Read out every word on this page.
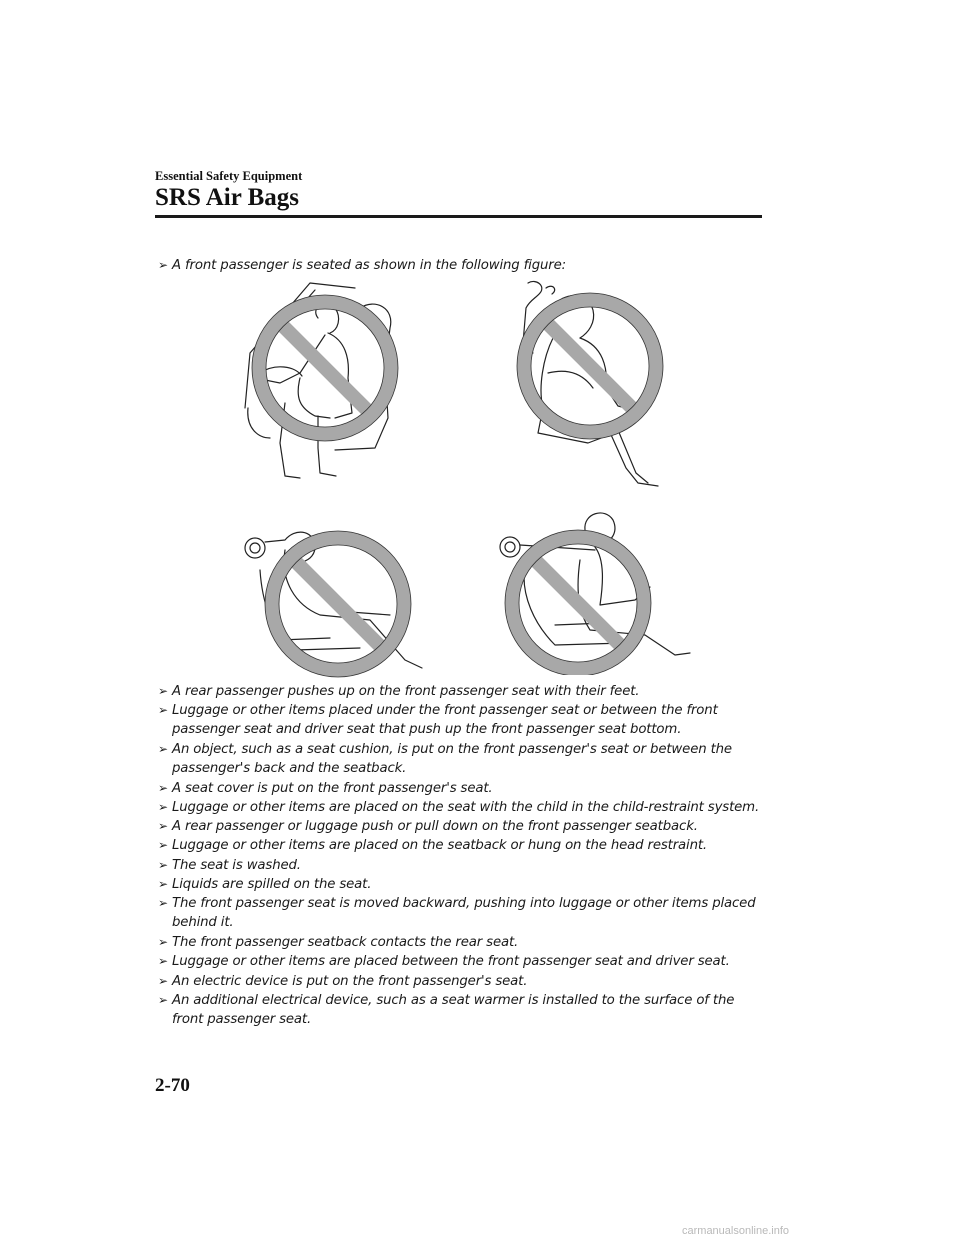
Essential Safety Equipment
SRS Air Bags
➢ A front passenger is seated as shown in the following figure:
➢ A rear passenger pushes up on the front passenger seat with their feet.
➢ Luggage or other items placed under the front passenger seat or between the front passenger seat and driver seat that push up the front passenger seat bottom.
➢ An object, such as a seat cushion, is put on the front passenger's seat or between the passenger's back and the seatback.
➢ A seat cover is put on the front passenger's seat.
➢ Luggage or other items are placed on the seat with the child in the child-restraint system.
➢ A rear passenger or luggage push or pull down on the front passenger seatback.
➢ Luggage or other items are placed on the seatback or hung on the head restraint.
➢ The seat is washed.
➢ Liquids are spilled on the seat.
➢ The front passenger seat is moved backward, pushing into luggage or other items placed behind it.
➢ The front passenger seatback contacts the rear seat.
➢ Luggage or other items are placed between the front passenger seat and driver seat.
➢ An electric device is put on the front passenger's seat.
➢ An additional electrical device, such as a seat warmer is installed to the surface of the front passenger seat.
2-70
carmanualsonline.info
